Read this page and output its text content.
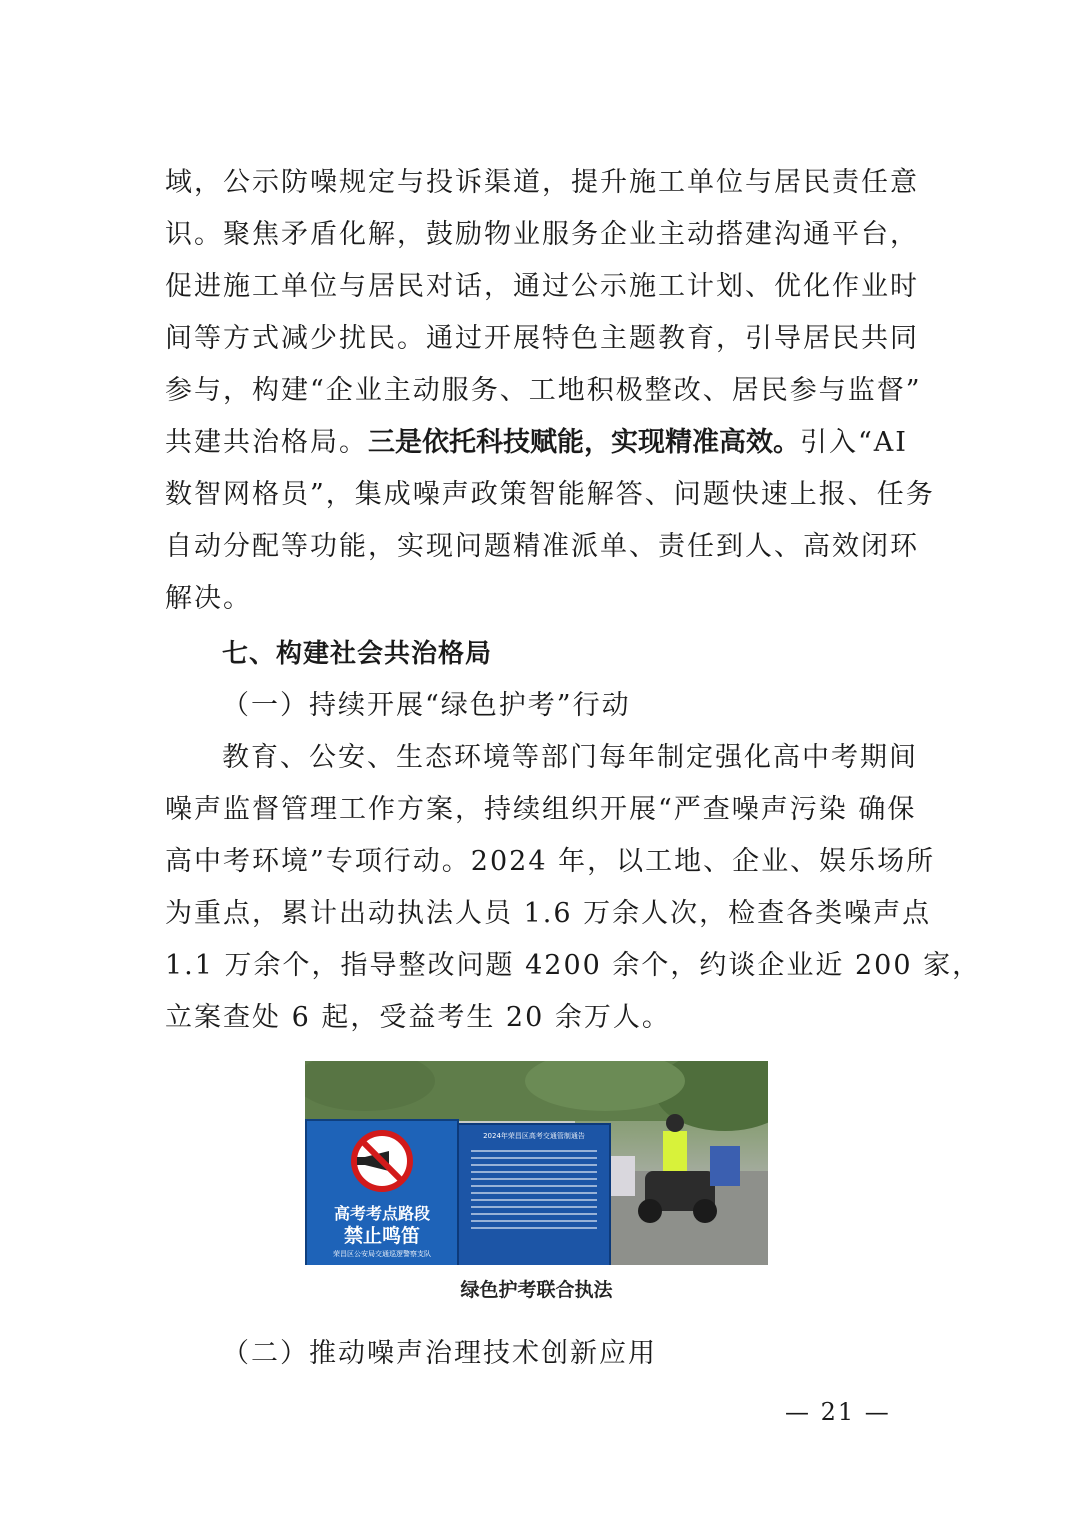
域，公示防噪规定与投诉渠道，提升施工单位与居民责任意
识。聚焦矛盾化解，鼓励物业服务企业主动搭建沟通平台，
促进施工单位与居民对话，通过公示施工计划、优化作业时
间等方式减少扰民。通过开展特色主题教育，引导居民共同
参与，构建“企业主动服务、工地积极整改、居民参与监督”
共建共治格局。三是依托科技赋能，实现精准高效。引入“AI
数智网格员”，集成噪声政策智能解答、问题快速上报、任务
自动分配等功能，实现问题精准派单、责任到人、高效闭环
解决。
七、构建社会共治格局
（一）持续开展“绿色护考”行动
教育、公安、生态环境等部门每年制定强化高中考期间
噪声监督管理工作方案，持续组织开展“严查噪声污染 确保
高中考环境”专项行动。2024 年，以工地、企业、娱乐场所
为重点，累计出动执法人员 1.6 万余人次，检查各类噪声点
1.1 万余个，指导整改问题 4200 余个，约谈企业近 200 家，
立案查处 6 起，受益考生 20 余万人。
高考考点路段
禁止鸣笛
荣昌区公安局交通巡逻警察支队
2024年荣昌区高考交通管制通告
绿色护考联合执法
（二）推动噪声治理技术创新应用
— 21 —
